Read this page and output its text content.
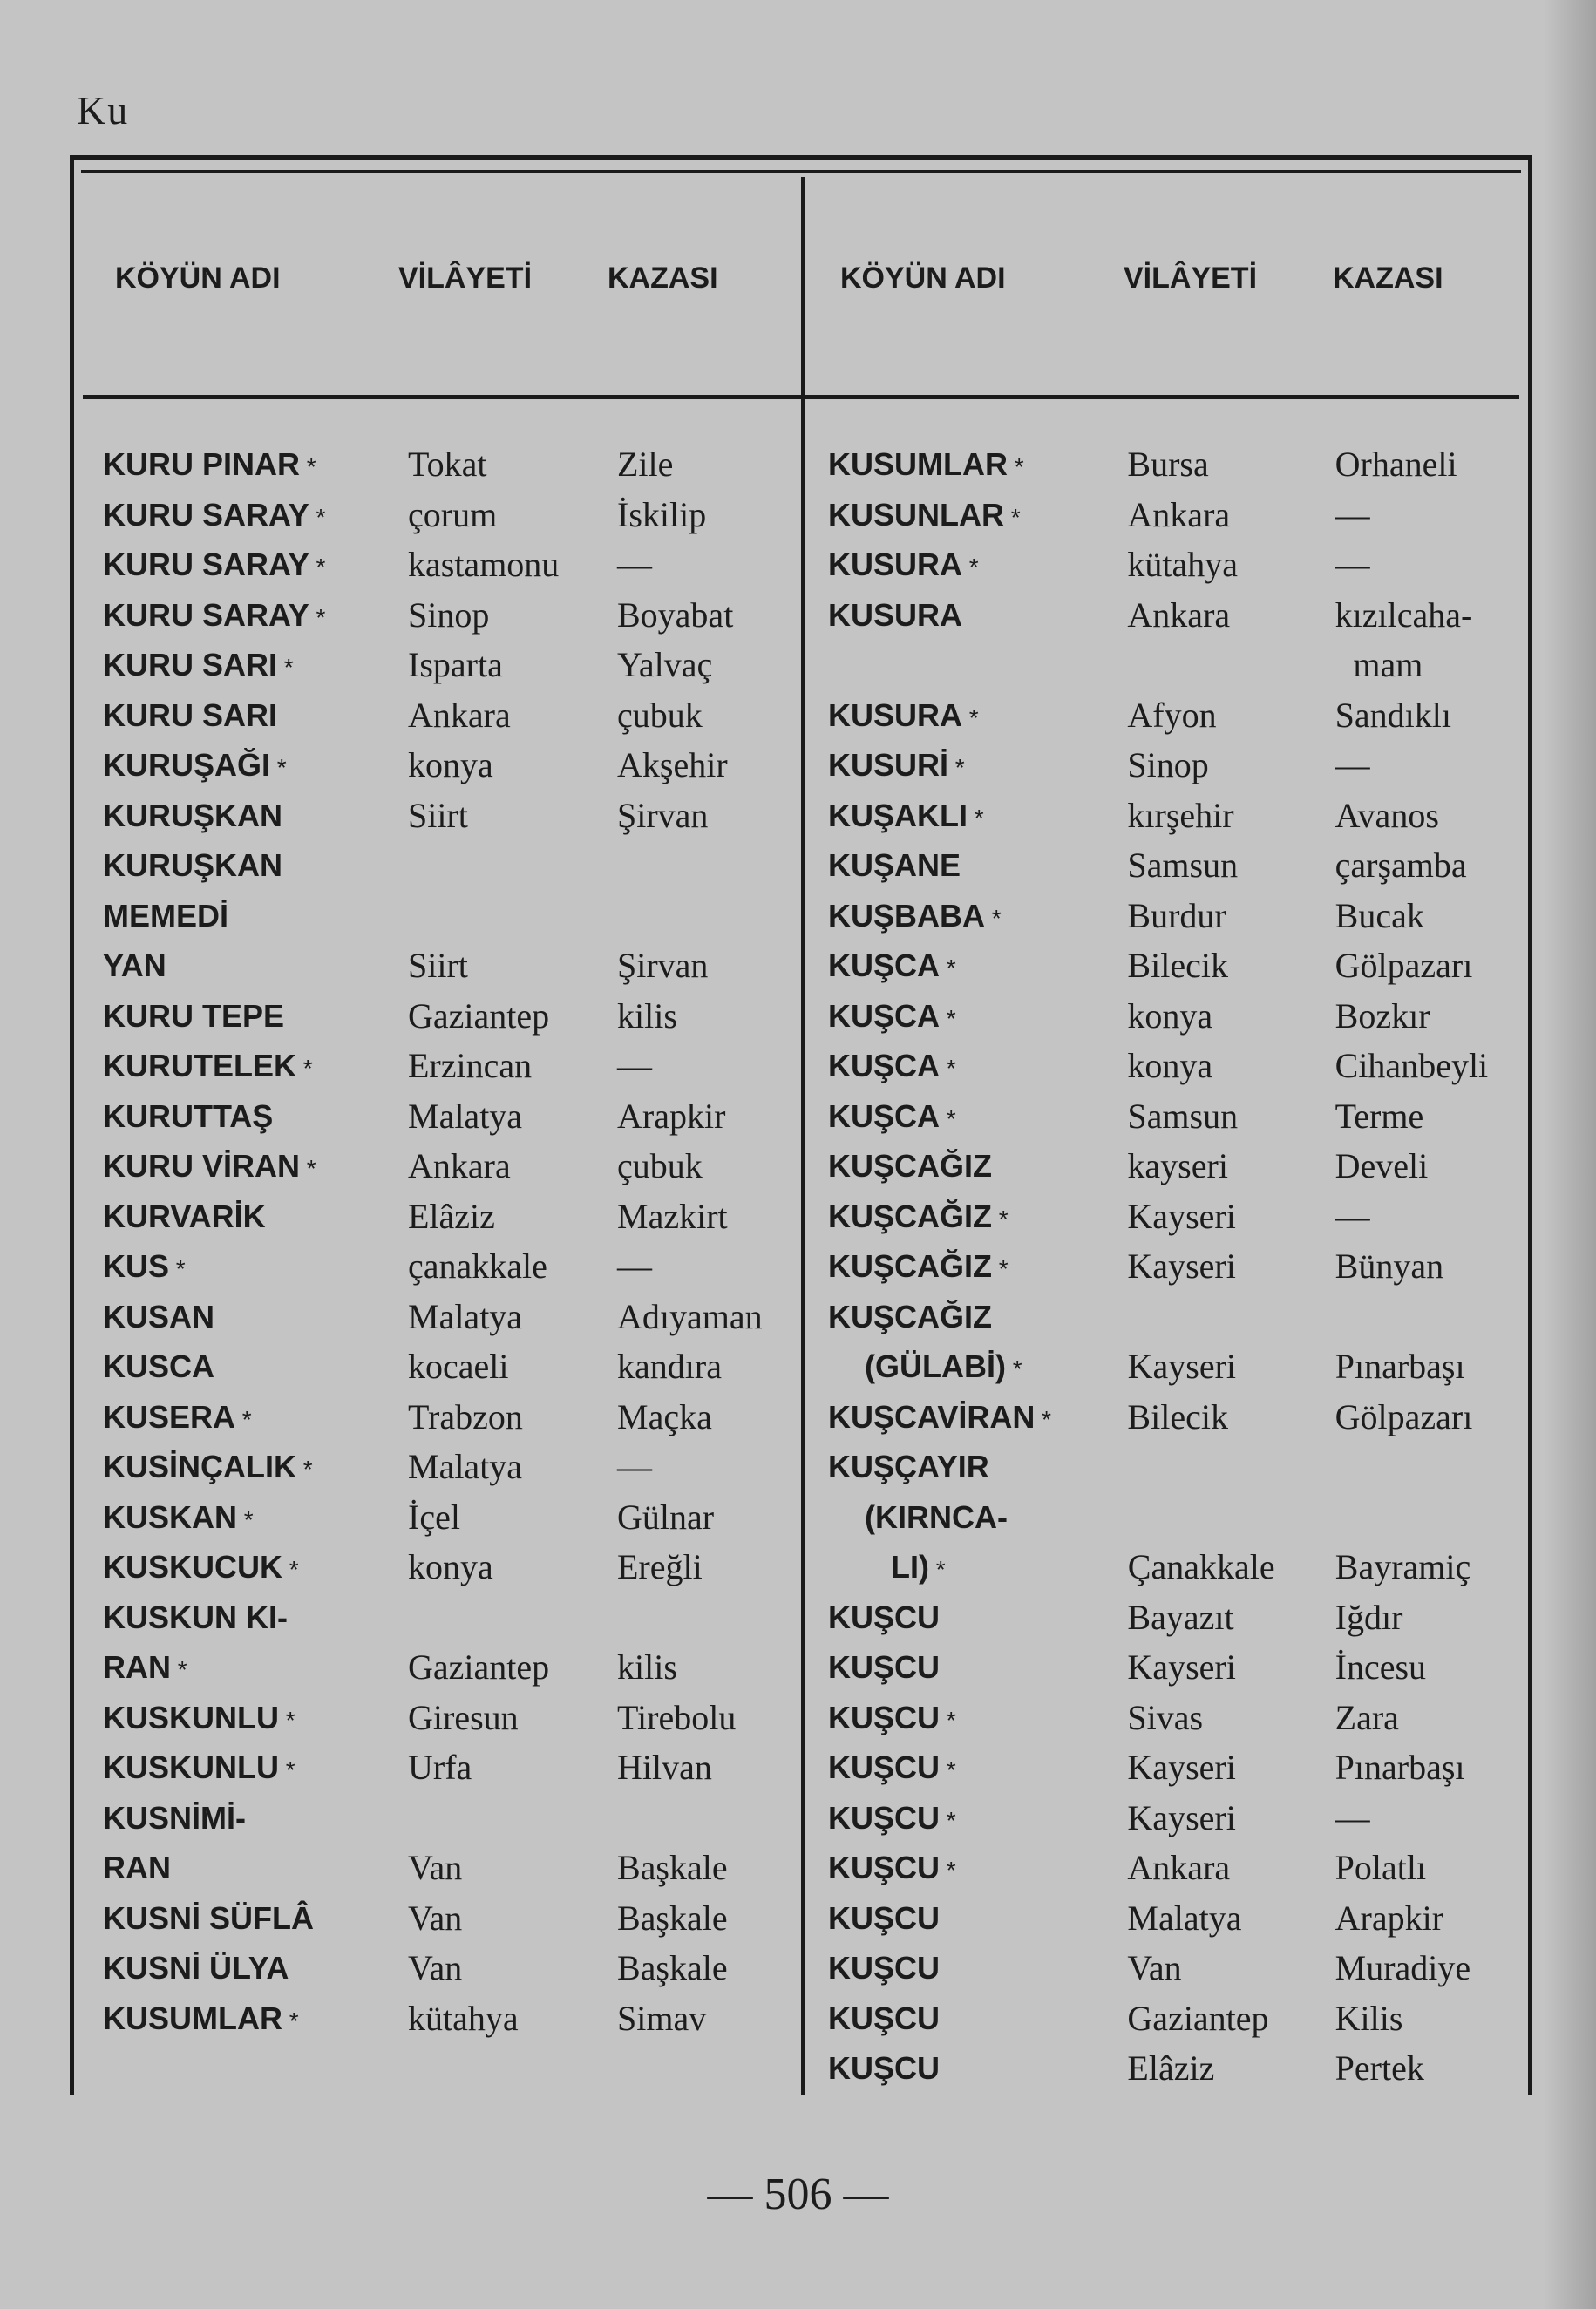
Ku
KÖYÜN ADI	VİLÂYETİ	KAZASI	KÖYÜN ADI	VİLÂYETİ	KAZASI
KURU PINAR *	Tokat	Zile
KURU SARAY *	çorum	İskilip
KURU SARAY *	kastamonu	—
KURU SARAY *	Sinop	Boyabat
KURU SARI *	Isparta	Yalvaç
KURU SARI	Ankara	çubuk
KURUŞAĞI *	konya	Akşehir
KURUŞKAN	Siirt	Şirvan
KURUŞKAN
MEMEDİ
YAN	Siirt	Şirvan
KURU TEPE	Gaziantep	kilis
KURUTELEK *	Erzincan	—
KURUTTAŞ	Malatya	Arapkir
KURU VİRAN *	Ankara	çubuk
KURVARİK	Elâziz	Mazkirt
KUS *	çanakkale	—
KUSAN	Malatya	Adıyaman
KUSCA	kocaeli	kandıra
KUSERA *	Trabzon	Maçka
KUSİNÇALIK *	Malatya	—
KUSKAN *	İçel	Gülnar
KUSKUCUK *	konya	Ereğli
KUSKUN KI-
RAN *	Gaziantep	kilis
KUSKUNLU *	Giresun	Tirebolu
KUSKUNLU *	Urfa	Hilvan
KUSNİMİ-
RAN	Van	Başkale
KUSNİ SÜFLÂ	Van	Başkale
KUSNİ ÜLYA	Van	Başkale
KUSUMLAR *	kütahya	Simav
KUSUMLAR *	Bursa	Orhaneli
KUSUNLAR *	Ankara	—
KUSURA *	kütahya	—
KUSURA	Ankara	kızılcaha-
mam
KUSURA *	Afyon	Sandıklı
KUSURİ *	Sinop	—
KUŞAKLI *	kırşehir	Avanos
KUŞANE	Samsun	çarşamba
KUŞBABA *	Burdur	Bucak
KUŞCA *	Bilecik	Gölpazarı
KUŞCA *	konya	Bozkır
KUŞCA *	konya	Cihanbeyli
KUŞCA *	Samsun	Terme
KUŞCAĞIZ	kayseri	Develi
KUŞCAĞIZ *	Kayseri	—
KUŞCAĞIZ *	Kayseri	Bünyan
KUŞCAĞIZ
(GÜLABİ) *	Kayseri	Pınarbaşı
KUŞCAVİRAN *	Bilecik	Gölpazarı
KUŞÇAYIR
(KIRNCA-
LI) *	Çanakkale	Bayramiç
KUŞCU	Bayazıt	Iğdır
KUŞCU	Kayseri	İncesu
KUŞCU *	Sivas	Zara
KUŞCU *	Kayseri	Pınarbaşı
KUŞCU *	Kayseri	—
KUŞCU *	Ankara	Polatlı
KUŞCU	Malatya	Arapkir
KUŞCU	Van	Muradiye
KUŞCU	Gaziantep	Kilis
KUŞCU	Elâziz	Pertek
— 506 —
